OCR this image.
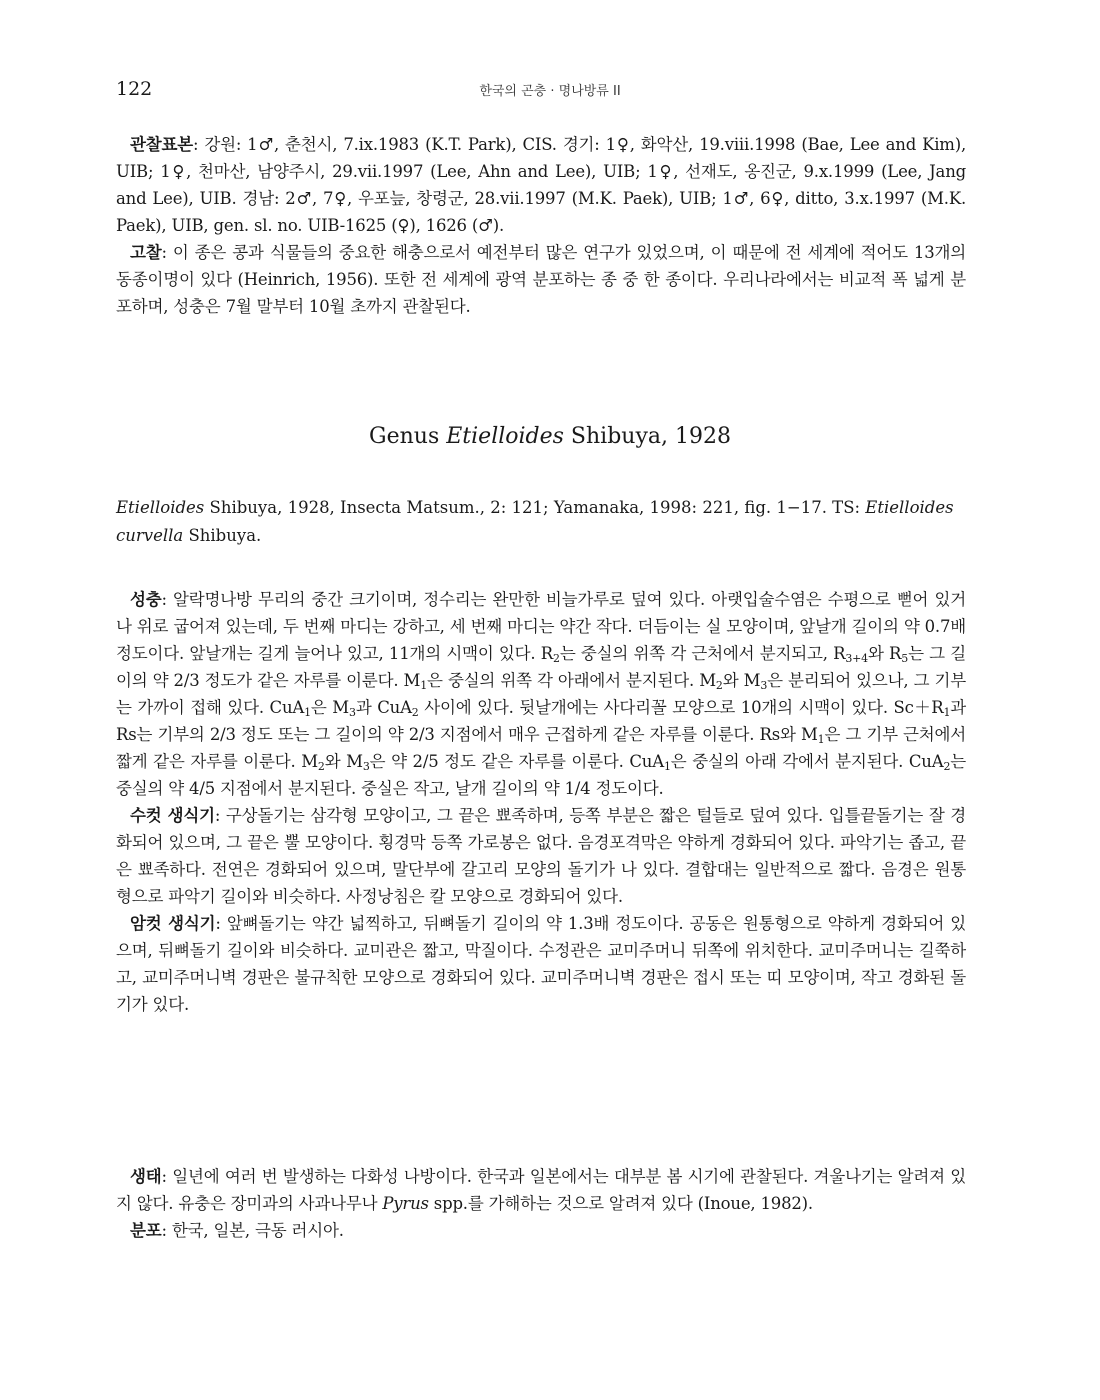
122	한국의 곤충 · 명나방류 II

관찰표본: 강원: 1♂, 춘천시, 7.ix.1983 (K.T. Park), CIS. 경기: 1♀, 화악산, 19.viii.1998 (Bae, Lee and Kim), UIB; 1♀, 천마산, 남양주시, 29.vii.1997 (Lee, Ahn and Lee), UIB; 1♀, 선재도, 옹진군, 9.x.1999 (Lee, Jang and Lee), UIB. 경남: 2♂, 7♀, 우포늪, 창령군, 28.vii.1997 (M.K. Paek), UIB; 1♂, 6♀, ditto, 3.x.1997 (M.K. Paek), UIB, gen. sl. no. UIB-1625 (♀), 1626 (♂).

고찰: 이 종은 콩과 식물들의 중요한 해충으로서 예전부터 많은 연구가 있었으며, 이 때문에 전 세계에 적어도 13개의 동종이명이 있다 (Heinrich, 1956). 또한 전 세계에 광역 분포하는 종 중 한 종이다. 우리나라에서는 비교적 폭 넓게 분포하며, 성충은 7월 말부터 10월 초까지 관찰된다.

Genus Etielloides Shibuya, 1928
Etielloides Shibuya, 1928, Insecta Matsum., 2: 121; Yamanaka, 1998: 221, fig. 1−17. TS: Etielloides curvella Shibuya.

성충: 알락명나방 무리의 중간 크기이며, 정수리는 완만한 비늘가루로 덮여 있다. 아랫입술수염은 수평으로 뻗어 있거나 위로 굽어져 있는데, 두 번째 마디는 강하고, 세 번째 마디는 약간 작다. 더듬이는 실 모양이며, 앞날개 길이의 약 0.7배 정도이다. 앞날개는 길게 늘어나 있고, 11개의 시맥이 있다. $R_2$는 중실의 위쪽 각 근처에서 분지되고, $R_{3+4}$와 $R_5$는 그 길이의 약 2/3 정도가 같은 자루를 이룬다. $M_1$은 중실의 위쪽 각 아래에서 분지된다. $M_2$와 $M_3$은 분리되어 있으나, 그 기부는 가까이 접해 있다. CuA$_1$은 $M_3$과 CuA$_2$ 사이에 있다. 뒷날개에는 사다리꼴 모양으로 10개의 시맥이 있다. $Sc+R_1$과 Rs는 기부의 2/3 정도 또는 그 길이의 약 2/3 지점에서 매우 근접하게 같은 자루를 이룬다. Rs와 $M_1$은 그 기부 근처에서 짧게 같은 자루를 이룬다. $M_2$와 $M_3$은 약 2/5 정도 같은 자루를 이룬다. CuA$_1$은 중실의 아래 각에서 분지된다. CuA$_2$는 중실의 약 4/5 지점에서 분지된다. 중실은 작고, 날개 길이의 약 1/4 정도이다.

수컷 생식기: 구상돌기는 삼각형 모양이고, 그 끝은 뾰족하며, 등쪽 부분은 짧은 털들로 덮여 있다. 입틀끝돌기는 잘 경화되어 있으며, 그 끝은 뿔 모양이다. 횡경막 등쪽 가로봉은 없다. 음경포격막은 약하게 경화되어 있다. 파악기는 좁고, 끝은 뾰족하다. 전연은 경화되어 있으며, 말단부에 갈고리 모양의 돌기가 나 있다. 결합대는 일반적으로 짧다. 음경은 원통형으로 파악기 길이와 비슷하다. 사정낭침은 칼 모양으로 경화되어 있다.

암컷 생식기: 앞뼈돌기는 약간 넓찍하고, 뒤뼈돌기 길이의 약 1.3배 정도이다. 공동은 원통형으로 약하게 경화되어 있으며, 뒤뼈돌기 길이와 비슷하다. 교미관은 짧고, 막질이다. 수정관은 교미주머니 뒤쪽에 위치한다. 교미주머니는 길쭉하고, 교미주머니벽 경판은 불규칙한 모양으로 경화되어 있다. 교미주머니벽 경판은 접시 또는 띠 모양이며, 작고 경화된 돌기가 있다.

생태: 일년에 여러 번 발생하는 다화성 나방이다. 한국과 일본에서는 대부분 봄 시기에 관찰된다. 겨울나기는 알려져 있지 않다. 유충은 장미과의 사과나무나 Pyrus spp.를 가해하는 것으로 알려져 있다 (Inoue, 1982).

분포: 한국, 일본, 극동 러시아.
